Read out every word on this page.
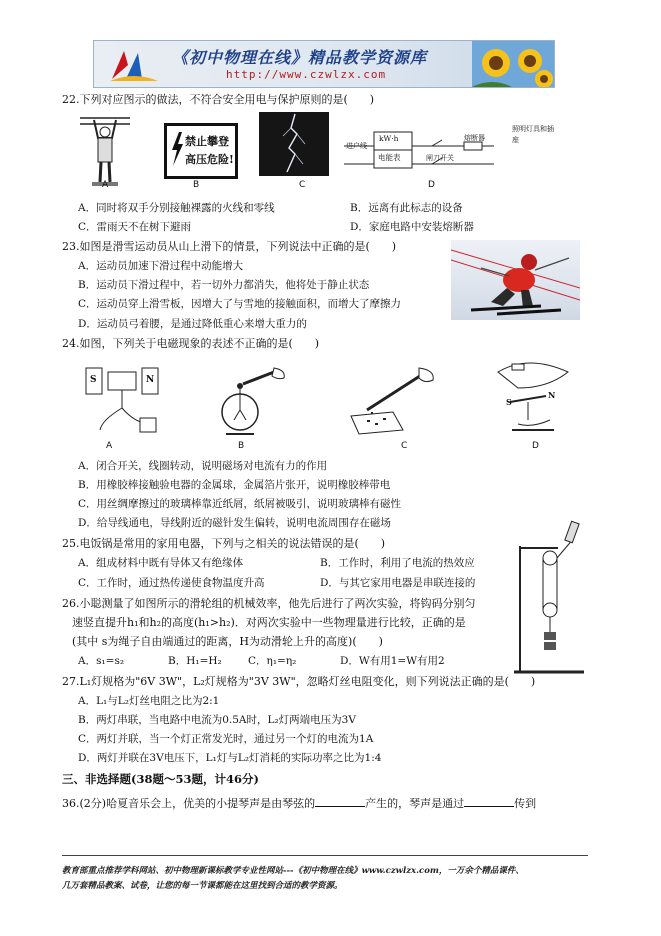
《初中物理在线》精品教学资源库
http://www.czwlzx.com
22.下列对应图示的做法，不符合安全用电与保护原则的是(　　)
A
禁止攀登
高压危险!
B	C
进户线
kW·h
电能表	闸刀开关
熔断器
照明灯具和插座
D
A．同时将双手分别接触裸露的火线和零线	B．远离有此标志的设备
C．雷雨天不在树下避雨	D．家庭电路中安装熔断器
23.如图是滑雪运动员从山上滑下的情景，下列说法中正确的是(　　)
A．运动员加速下滑过程中动能增大
B．运动员下滑过程中，若一切外力都消失，他将处于静止状态
C．运动员穿上滑雪板，因增大了与雪地的接触面积，而增大了摩擦力
D．运动员弓着腰，是通过降低重心来增大重力的
24.如图，下列关于电磁现象的表述不正确的是(　　)
S	N
A	B	C
S
N
D
A．闭合开关，线圈转动，说明磁场对电流有力的作用
B．用橡胶棒接触验电器的金属球，金属箔片张开，说明橡胶棒带电
C．用丝绸摩擦过的玻璃棒靠近纸屑，纸屑被吸引，说明玻璃棒有磁性
D．给导线通电，导线附近的磁针发生偏转，说明电流周围存在磁场
25.电饭锅是常用的家用电器，下列与之相关的说法错误的是(　　)
A．组成材料中既有导体又有绝缘体	B．工作时，利用了电流的热效应
C．工作时，通过热传递使食物温度升高	D．与其它家用电器是串联连接的
26.小聪测量了如图所示的滑轮组的机械效率，他先后进行了两次实验，将钩码分别匀
速竖直提升h₁和h₂的高度(h₁>h₂)．对两次实验中一些物理量进行比较，正确的是
(其中 s为绳子自由端通过的距离，H为动滑轮上升的高度)(　　)
A．s₁=s₂	B．H₁=H₂	C．η₁=η₂	D．W有用1=W有用2
27.L₁灯规格为"6V 3W"，L₂灯规格为"3V 3W"，忽略灯丝电阻变化，则下列说法正确的是(　　)
A．L₁与L₂灯丝电阻之比为2:1
B．两灯串联，当电路中电流为0.5A时，L₂灯两端电压为3V
C．两灯并联，当一个灯正常发光时，通过另一个灯的电流为1A
D．两灯并联在3V电压下，L₁灯与L₂灯消耗的实际功率之比为1:4
三、非选择题(38题～53题，计46分)
36.(2分)哈夏音乐会上，优美的小提琴声是由琴弦的	产生的，琴声是通过	传到
教育部重点推荐学科网站、初中物理新课标教学专业性网站---《初中物理在线》www.czwlzx.com，一万余个精品课件、
几万套精品教案、试卷，让您的每一节课都能在这里找到合适的教学资源。
